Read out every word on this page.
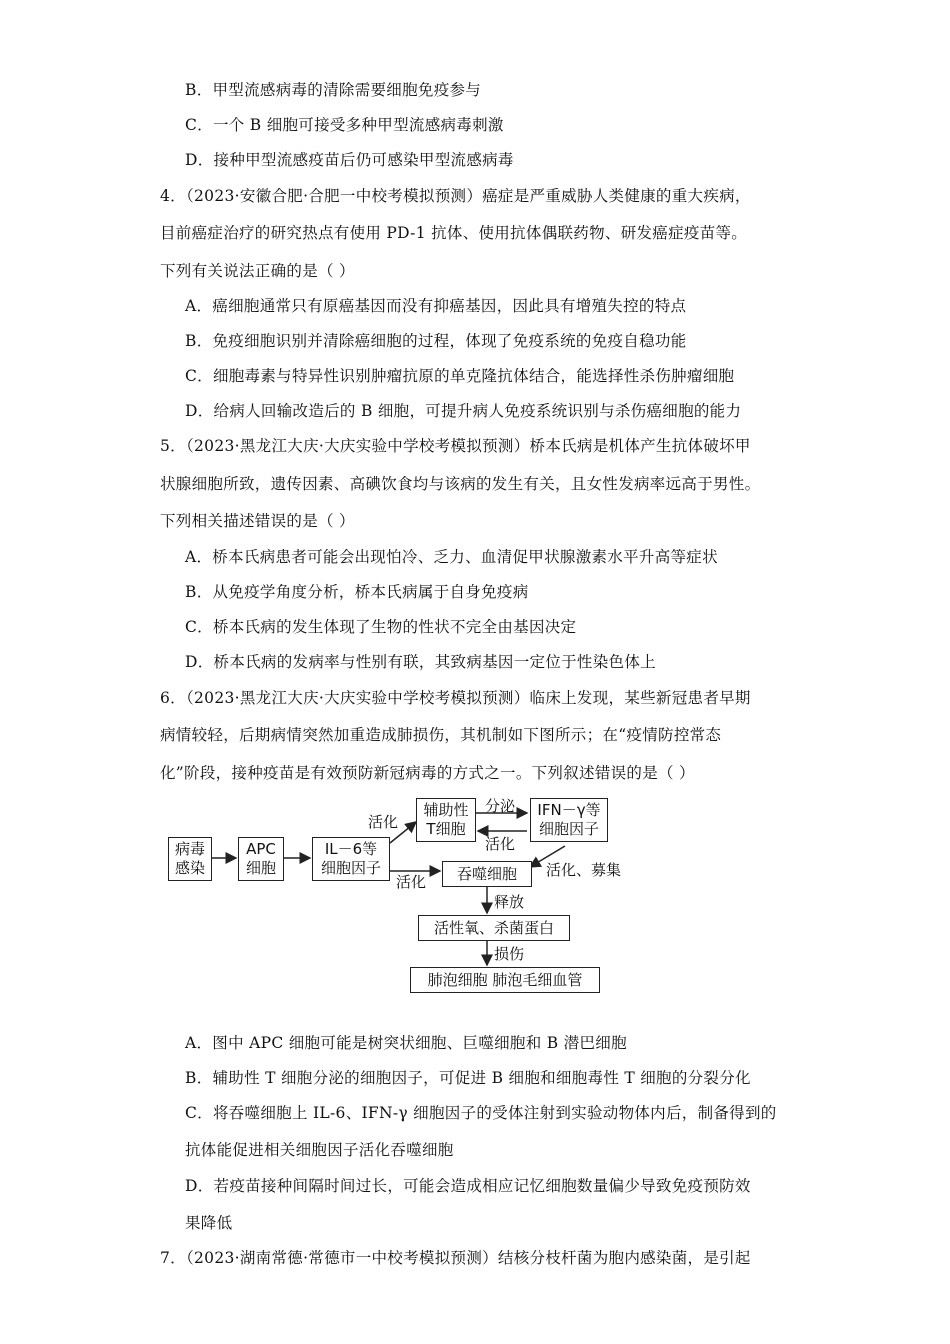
B．甲型流感病毒的清除需要细胞免疫参与
C．一个 B 细胞可接受多种甲型流感病毒刺激
D．接种甲型流感疫苗后仍可感染甲型流感病毒
4．（2023·安徽合肥·合肥一中校考模拟预测）癌症是严重威胁人类健康的重大疾病，
目前癌症治疗的研究热点有使用 PD-1 抗体、使用抗体偶联药物、研发癌症疫苗等。
下列有关说法正确的是（ ）
A．癌细胞通常只有原癌基因而没有抑癌基因，因此具有增殖失控的特点
B．免疫细胞识别并清除癌细胞的过程，体现了免疫系统的免疫自稳功能
C．细胞毒素与特异性识别肿瘤抗原的单克隆抗体结合，能选择性杀伤肿瘤细胞
D．给病人回输改造后的 B 细胞，可提升病人免疫系统识别与杀伤癌细胞的能力
5．（2023·黑龙江大庆·大庆实验中学校考模拟预测）桥本氏病是机体产生抗体破坏甲
状腺细胞所致，遗传因素、高碘饮食均与该病的发生有关，且女性发病率远高于男性。
下列相关描述错误的是（ ）
A．桥本氏病患者可能会出现怕冷、乏力、血清促甲状腺激素水平升高等症状
B．从免疫学角度分析，桥本氏病属于自身免疫病
C．桥本氏病的发生体现了生物的性状不完全由基因决定
D．桥本氏病的发病率与性别有联，其致病基因一定位于性染色体上
6．（2023·黑龙江大庆·大庆实验中学校考模拟预测）临床上发现，某些新冠患者早期
病情较轻，后期病情突然加重造成肺损伤，其机制如下图所示；在“疫情防控常态
化”阶段，接种疫苗是有效预防新冠病毒的方式之一。下列叙述错误的是（ ）
病毒
感染
APC
细胞
IL－6等
细胞因子
辅助性
T细胞
IFN－γ等
细胞因子
吞噬细胞
活性氧、杀菌蛋白
肺泡细胞 肺泡毛细血管
活化
分泌
活化
活化
活化、募集
释放
损伤
A．图中 APC 细胞可能是树突状细胞、巨噬细胞和 B 潜巴细胞
B．辅助性 T 细胞分泌的细胞因子，可促进 B 细胞和细胞毒性 T 细胞的分裂分化
C．将吞噬细胞上 IL-6、IFN-γ 细胞因子的受体注射到实验动物体内后，制备得到的
抗体能促进相关细胞因子活化吞噬细胞
D．若疫苗接种间隔时间过长，可能会造成相应记忆细胞数量偏少导致免疫预防效
果降低
7．（2023·湖南常德·常德市一中校考模拟预测）结核分枝杆菌为胞内感染菌，是引起
